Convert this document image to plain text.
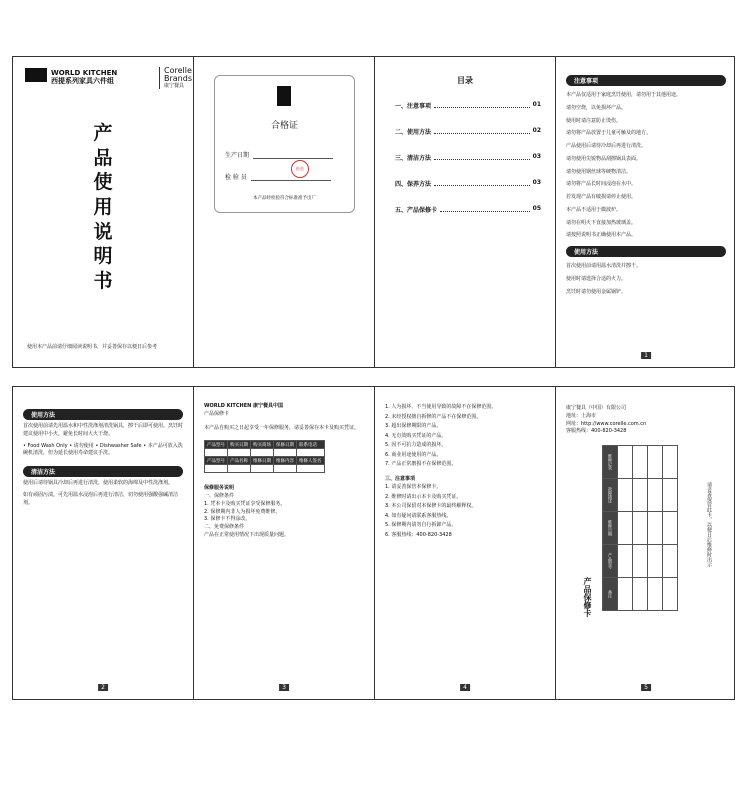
WORLD KITCHEN
西提系列家具六件组
Corelle
Brands
康宁餐具
产品使用说明书
使用本产品前请仔细阅读说明书，并妥善保存以便日后参考
合格证
生产日期
检 验 员
检验
本产品经检验符合标准准予出厂
目录
一、注意事项	01
二、使用方法	02
三、清洁方法	03
四、保养方法	03
五、产品保修卡	05
注意事项
本产品仅适用于家庭烹饪使用，请勿用于其他用途。
请勿空烧，以免损坏产品。
使用时请注意防止烫伤。
请勿将产品放置于儿童可触及的地方。
产品使用后请待冷却后再进行清洗。
请勿使用尖锐物品刮擦锅具表面。
请勿使用钢丝球等硬物清洁。
请勿将产品长时间浸泡在水中。
若发现产品有破损请停止使用。
本产品不适用于微波炉。
请勿在明火下直接加热玻璃盖。
请按照说明书正确使用本产品。
使用方法
首次使用前请用温水清洗并擦干。
使用时请选择合适的火力。
烹饪时请勿使用金属锅铲。
1
使用方法
首次使用前请先用温水和中性洗涤剂清洗锅具，擦干后即可使用。烹饪时建议使用中小火，避免长时间大火干烧。
• Food Wash Only • 请勿使用 • Dishwasher Safe • 本产品可放入洗碗机清洗，但为延长使用寿命建议手洗。
清洁方法
使用后请待锅具冷却后再进行清洗，使用柔软的海绵及中性洗涤剂。
如有顽固污渍，可先用温水浸泡后再进行清洁，切勿使用强酸强碱清洁剂。
2
WORLD KITCHEN 康宁餐具中国
产品保修卡
本产品自购买之日起享受一年保修服务，请妥善保存本卡及购买凭证。
产品型号	购买日期	购买商场	保修日期	联系电话

产品型号	产品名称	维修日期	维修内容	维修人签名

保修服务说明
一、保修条件
1. 凭本卡及购买凭证享受保修服务。
2. 保修期内非人为损坏免费维修。
3. 保修卡不得涂改。
二、免费保修条件
产品在正常使用情况下出现质量问题。
3
1. 人为损坏、不当使用导致的故障不在保修范围。
2. 未经授权擅自拆修的产品不在保修范围。
3. 超出保修期限的产品。
4. 无有效购买凭证的产品。
5. 因不可抗力造成的损坏。
6. 商业用途使用的产品。
7. 产品正常磨损不在保修范围。
三、注意事项
1. 请妥善保管本保修卡。
2. 维修时请出示本卡及购买凭证。
3. 本公司保留对本保修卡的最终解释权。
4. 如有疑问请联系客服热线。
5. 保修期内请勿自行拆卸产品。
6. 客服热线：400-820-3428
4
康宁餐具（中国）有限公司
地址：上海市
网址：http://www.corelle.com.cn
客服热线：400-820-3428
维修记录				
故障描述				
维修日期				
产品型号				
备注				
产品保修卡
请妥善保管此卡，以便日后维修时出示
5
